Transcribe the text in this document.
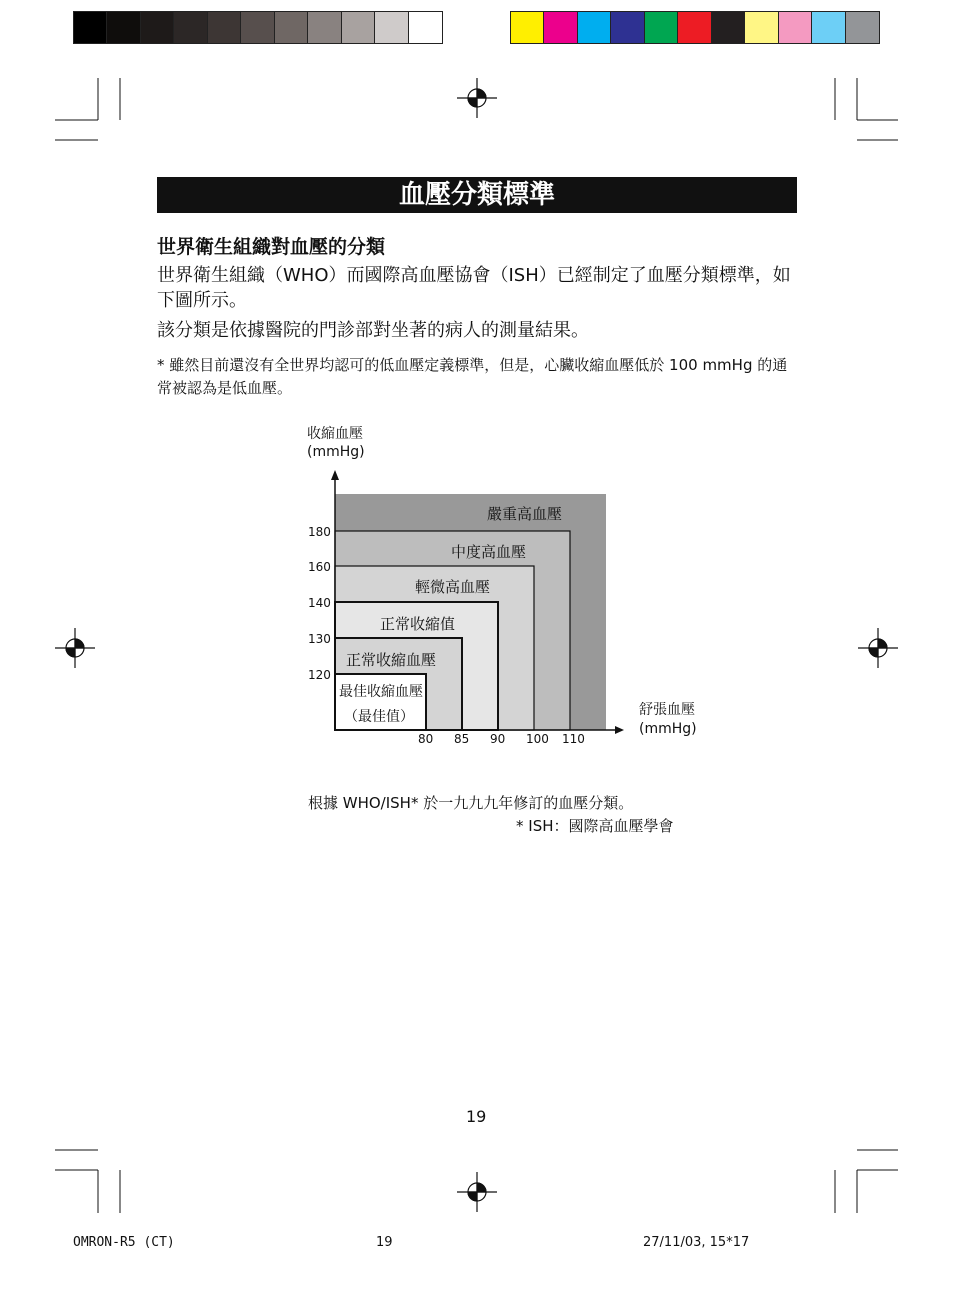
血壓分類標準
世界衛生組織對血壓的分類
世界衛生組織（WHO）而國際高血壓協會（ISH）已經制定了血壓分類標準，如下圖所示。
該分類是依據醫院的門診部對坐著的病人的測量結果。
* 雖然目前還沒有全世界均認可的低血壓定義標準，但是，心臟收縮血壓低於 100 mmHg 的通常被認為是低血壓。
收縮血壓
(mmHg)
舒張血壓
(mmHg)
120
130
140
160
180
80 85 90 100 110
嚴重高血壓
中度高血壓
輕微高血壓
正常收縮值
正常收縮血壓
最佳收縮血壓
（最佳值）
根據 WHO/ISH* 於一九九九年修訂的血壓分類。
* ISH：國際高血壓學會
19
OMRON-R5 (CT)	19	27/11/03, 15*17
